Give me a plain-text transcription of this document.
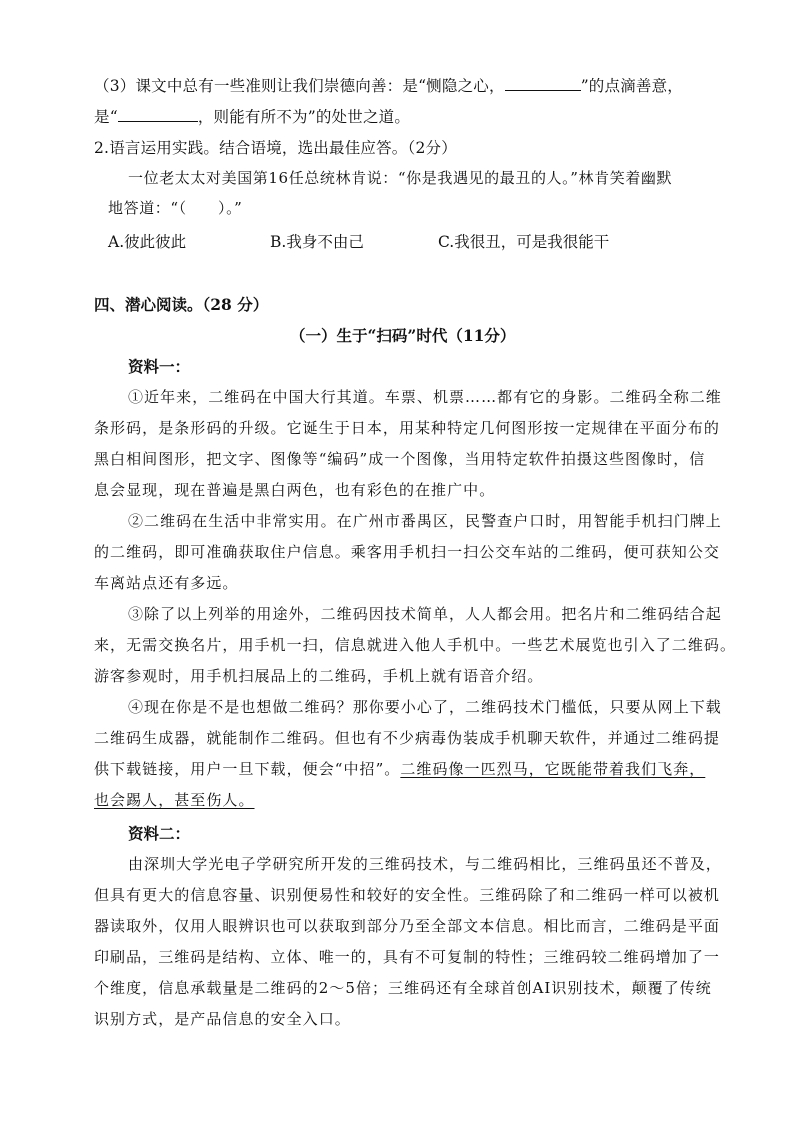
（3）课文中总有一些准则让我们崇德向善：是“恻隐之心，	”的点滴善意，
是“	，则能有所不为”的处世之道。
2.语言运用实践。结合语境，选出最佳应答。（2分）
一位老太太对美国第16任总统林肯说：“你是我遇见的最丑的人。”林肯笑着幽默
地答道：“（　　）。”
A.彼此彼此	B.我身不由己	C.我很丑，可是我很能干
四、潜心阅读。（28 分）
（一）生于“扫码”时代（11分）
资料一：
①近年来，二维码在中国大行其道。车票、机票……都有它的身影。二维码全称二维
条形码，是条形码的升级。它诞生于日本，用某种特定几何图形按一定规律在平面分布的
黑白相间图形，把文字、图像等“编码”成一个图像，当用特定软件拍摄这些图像时，信
息会显现，现在普遍是黑白两色，也有彩色的在推广中。
②二维码在生活中非常实用。在广州市番禺区，民警查户口时，用智能手机扫门牌上
的二维码，即可准确获取住户信息。乘客用手机扫一扫公交车站的二维码，便可获知公交
车离站点还有多远。
③除了以上列举的用途外，二维码因技术简单，人人都会用。把名片和二维码结合起
来，无需交换名片，用手机一扫，信息就进入他人手机中。一些艺术展览也引入了二维码。
游客参观时，用手机扫展品上的二维码，手机上就有语音介绍。
④现在你是不是也想做二维码？那你要小心了，二维码技术门槛低，只要从网上下载
二维码生成器，就能制作二维码。但也有不少病毒伪装成手机聊天软件，并通过二维码提
供下载链接，用户一旦下载，便会“中招”。二维码像一匹烈马，它既能带着我们飞奔，
也会踢人，甚至伤人。
资料二：
由深圳大学光电子学研究所开发的三维码技术，与二维码相比，三维码虽还不普及，
但具有更大的信息容量、识别便易性和较好的安全性。三维码除了和二维码一样可以被机
器读取外，仅用人眼辨识也可以获取到部分乃至全部文本信息。相比而言，二维码是平面
印刷品，三维码是结构、立体、唯一的，具有不可复制的特性；三维码较二维码增加了一
个维度，信息承载量是二维码的2～5倍；三维码还有全球首创AI识别技术，颠覆了传统
识别方式，是产品信息的安全入口。
